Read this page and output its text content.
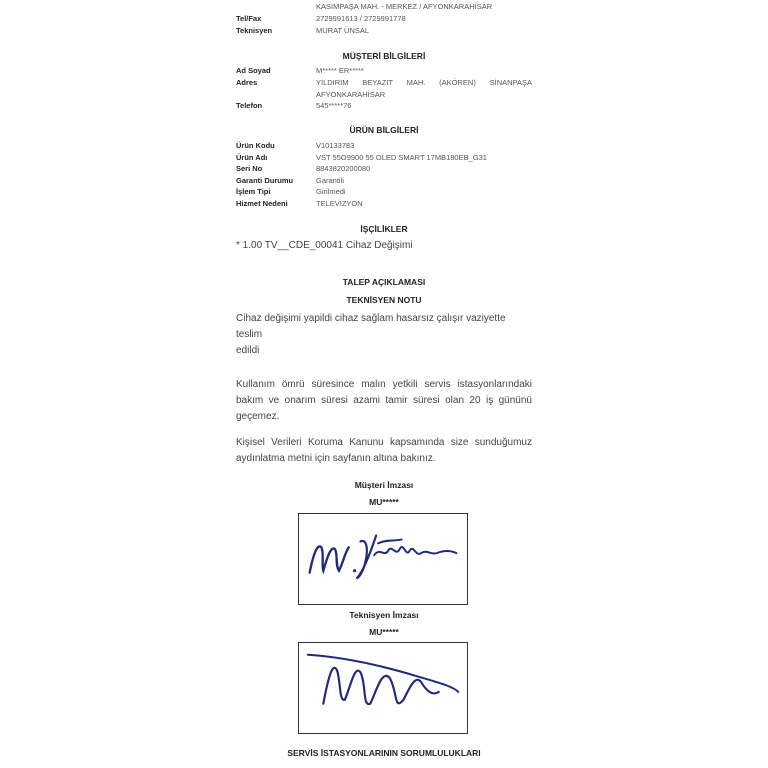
KASIMPAŞA MAH. - MERKEZ / AFYONKARAHİSAR
Tel/Fax	2729991613 / 2729991778
Teknisyen	MURAT ÜNSAL
MÜŞTERİ BİLGİLERİ
Ad Soyad	M***** ER*****
Adres	YILDIRIM BEYAZIT MAH. (AKÖREN) SİNANPAŞA AFYONKARAHİSAR
Telefon	545*****76
ÜRÜN BİLGİLERİ
Ürün Kodu	V10133783
Ürün Adı	VST 55O9900 55 OLED SMART 17MB180EB_G31
Seri No	8843820200080
Garanti Durumu	Garantili
İşlem Tipi	Girilmedi
Hizmet Nedeni	TELEVİZYON
İŞÇİLİKLER
* 1.00 TV__CDE_00041 Cihaz Değişimi
TALEP AÇIKLAMASI
TEKNİSYEN NOTU
Cihaz değişimi yapildi cihaz sağlam hasarsız çalışır vaziyette
teslim
edildi
Kullanım ömrü süresince malın yetkili servis istasyonlarındaki bakım ve onarım süresi azami tamir süresi olan 20 iş gününü geçemez.
Kişisel Verileri Koruma Kanunu kapsamında size sunduğumuz aydınlatma metni için sayfanın altına bakınız.
Müşteri İmzası
MU*****
Teknisyen İmzası
MU*****
SERVİS İSTASYONLARININ SORUMLULUKLARI
